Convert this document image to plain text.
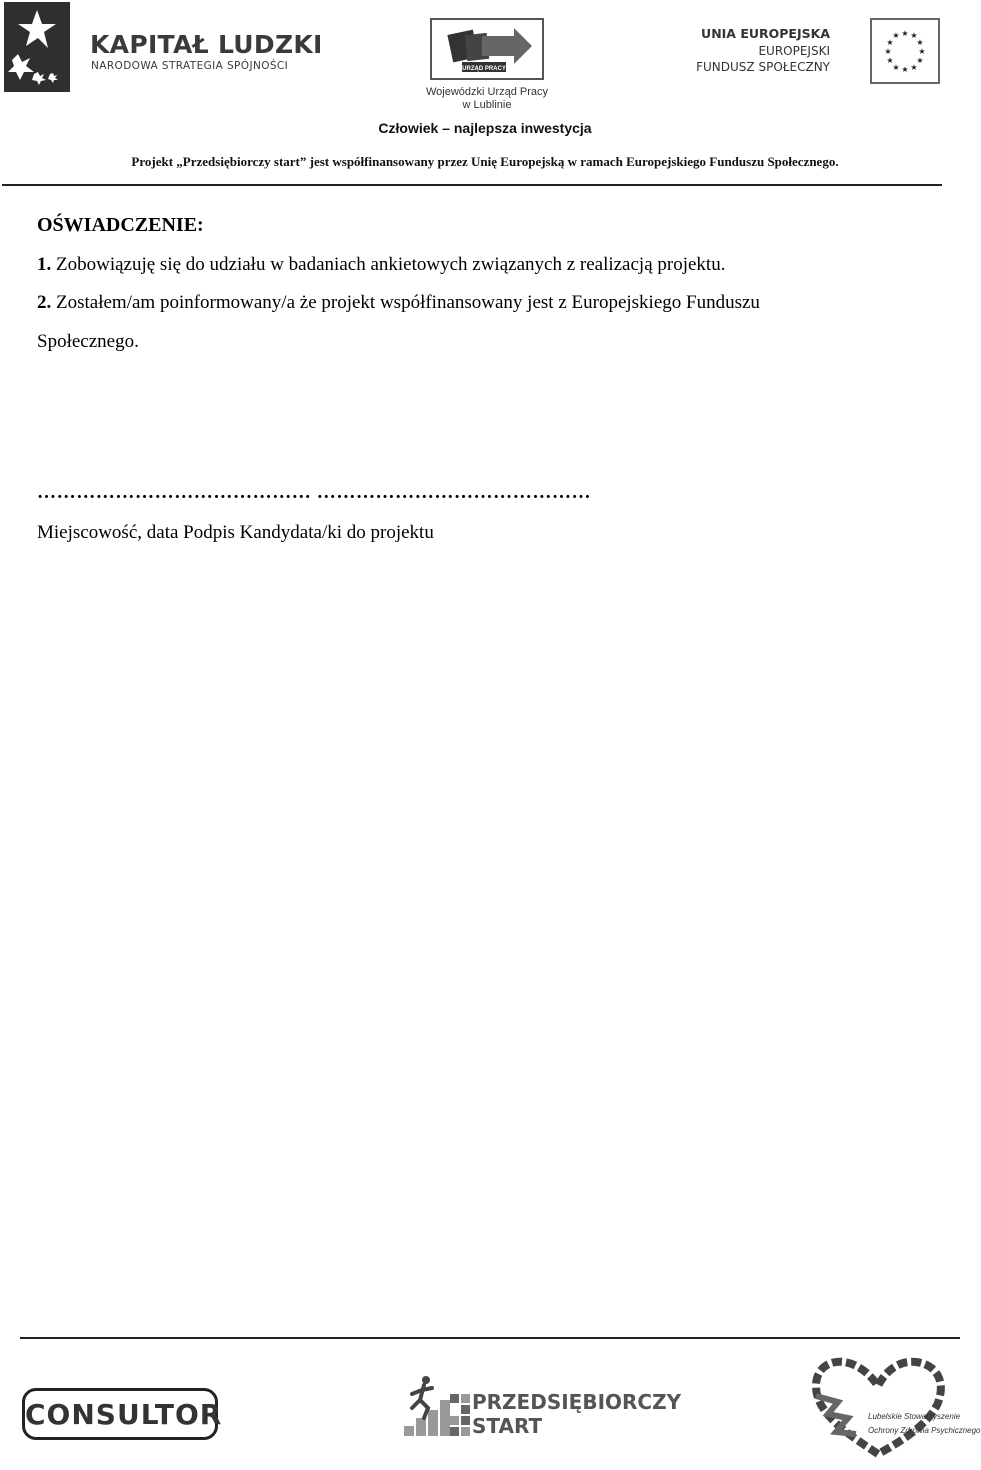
KAPITAŁ LUDZKI
NARODOWA STRATEGIA SPÓJNOŚCI	URZĄD PRACY
Wojewódzki Urząd Pracy
w Lublinie
UNIA EUROPEJSKA
EUROPEJSKI
FUNDUSZ SPOŁECZNY
★ ★
★
★
★
★
★
★
★
★
★
★
Człowiek – najlepsza inwestycja
Projekt „Przedsiębiorczy start” jest współfinansowany przez Unię Europejską w ramach Europejskiego Funduszu Społecznego.
OŚWIADCZENIE:
1. Zobowiązuję się do udziału w badaniach ankietowych związanych z realizacją projektu.
2. Zostałem/am poinformowany/a że projekt współfinansowany jest z Europejskiego Funduszu
Społecznego.
…………………………………… ……………………………………
Miejscowość, data Podpis Kandydata/ki do projektu
CONSULTOR	PRZEDSIĘBIORCZY
START	Lubelskie Stowarzyszenie
Ochrony Zdrowia Psychicznego
